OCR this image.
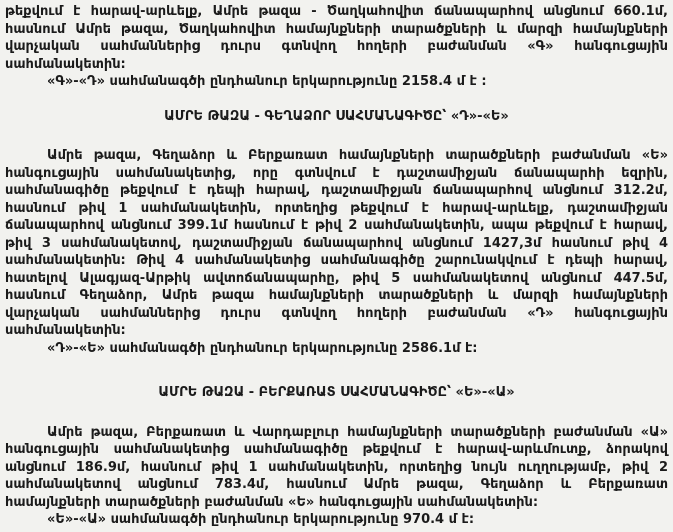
թեքվում է հարավ-արևելք, Ամրե թազա - Ծաղկահովիտ ճանապարհով անցնում 660.1մ,
հասնում Ամրե թազա, Ծաղկահովիտ համայնքների տարածքների և մարզի համայնքների
վարչական սահմաններից դուրս գտնվող հողերի բաժանման «Գ» հանգուցային
սահմանակետին:
«Գ»-«Դ» սահմանագծի ընդհանուր երկարությունը 2158.4 մ է :
ԱՄՐԵ ԹԱԶԱ - ԳԵՂԱՁՈՐ ՍԱՀՄԱՆԱԳԻԾԸ՝ «Դ»-«Ե»
Ամրե թազա, Գեղաձոր և Բերքառատ համայնքների տարածքների բաժանման «Ե»
հանգուցային սահմանակետից, որը գտնվում է դաշտամիջյան ճանապարհի եզրին,
սահմանագիծը թեքվում է դեպի հարավ, դաշտամիջյան ճանապարհով անցնում 312.2մ,
հասնում թիվ 1 սահմանակետին, որտեղից թեքվում է հարավ-արևելք, դաշտամիջյան
ճանապարհով անցնում 399.1մ հասնում է թիվ 2 սահմանակետին, ապա թեքվում է հարավ,
թիվ 3 սահմանակետով, դաշտամիջյան ճանապարհով անցնում 1427,3մ հասնում թիվ 4
սահմանակետին: Թիվ 4 սահմանակետից սահմանագիծը շարունակվում է դեպի հարավ,
հատելով Ալագյազ-Արթիկ ավտոճանապարհը, թիվ 5 սահմանակետով անցնում 447.5մ,
հասնում Գեղաձոր, Ամրե թազա համայնքների տարածքների և մարզի համայնքների
վարչական սահմաններից դուրս գտնվող հողերի բաժանման «Դ» հանգուցային
սահմանակետին:
«Դ»-«Ե» սահմանագծի ընդհանուր երկարությունը 2586.1մ է:
ԱՄՐԵ ԹԱԶԱ - ԲԵՐՔԱՌԱՏ ՍԱՀՄԱՆԱԳԻԾԸ՝ «Ե»-«Ա»
Ամրե թազա, Բերքառատ և Վարդաբլուր համայնքների տարածքների բաժանման «Ա»
հանգուցային սահմանակետից սահմանագիծը թեքվում է հարավ-արևմուտք, ձորակով
անցնում 186.9մ, հասնում թիվ 1 սահմանակետին, որտեղից նույն ուղղությամբ, թիվ 2
սահմանակետով անցնում 783.4մ, հասնում Ամրե թազա, Գեղաձոր և Բերքառատ
համայնքների տարածքների բաժանման «Ե» հանգուցային սահմանակետին:
«Ե»-«Ա» սահմանագծի ընդհանուր երկարությունը 970.4 մ է:
